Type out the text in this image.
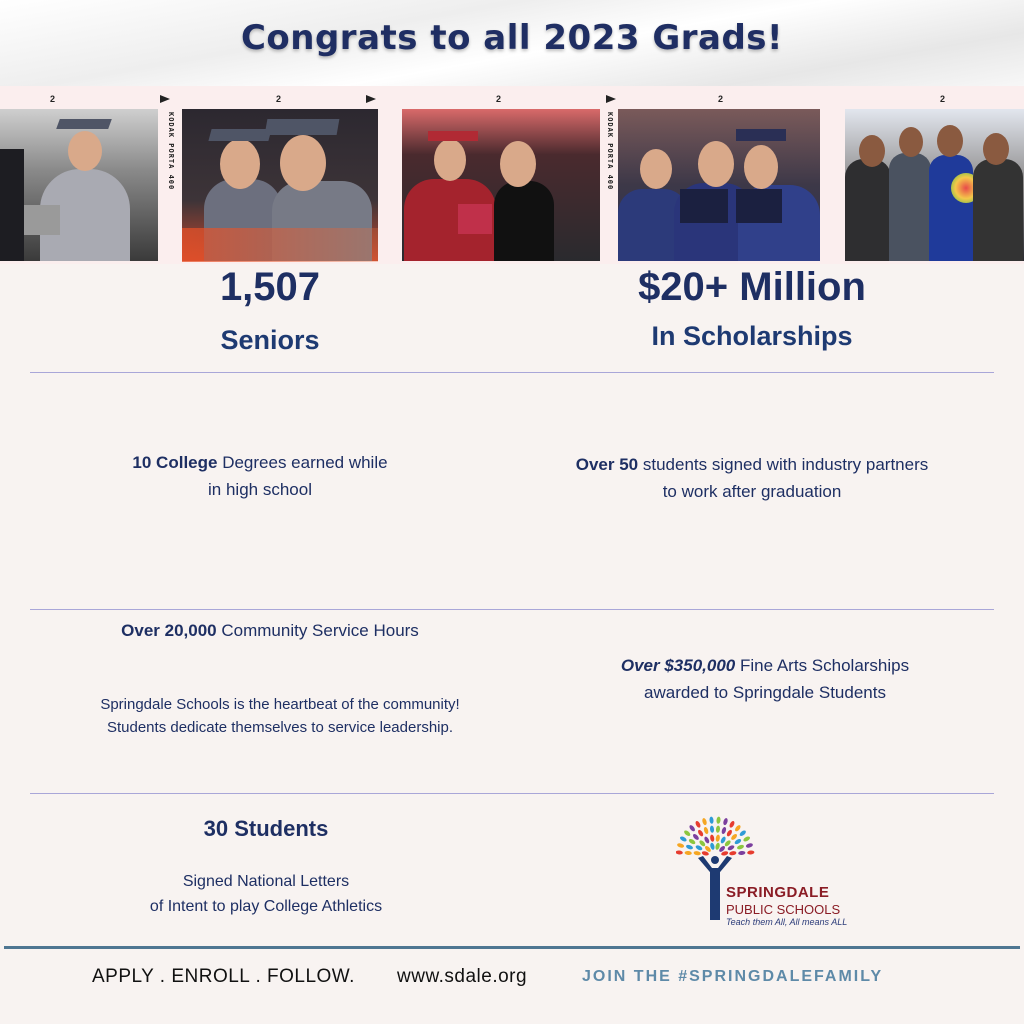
Congrats to all 2023 Grads!
2	2	2	2	2
KODAK PORTA 400	KODAK PORTA 400
1,507
Seniors
$20+ Million
In Scholarships
10 College Degrees earned while
in high school
Over 50 students signed with industry partners
to work after graduation
Over 20,000 Community Service Hours
Springdale Schools is the heartbeat of the community!
Students dedicate themselves to service leadership.
Over $350,000 Fine Arts Scholarships
awarded to Springdale Students
30 Students
Signed National Letters
of Intent to play College Athletics
SPRINGDALE
PUBLIC SCHOOLS
Teach them All, All means ALL
APPLY . ENROLL . FOLLOW. www.sdale.org	JOIN THE #SPRINGDALEFAMILY
